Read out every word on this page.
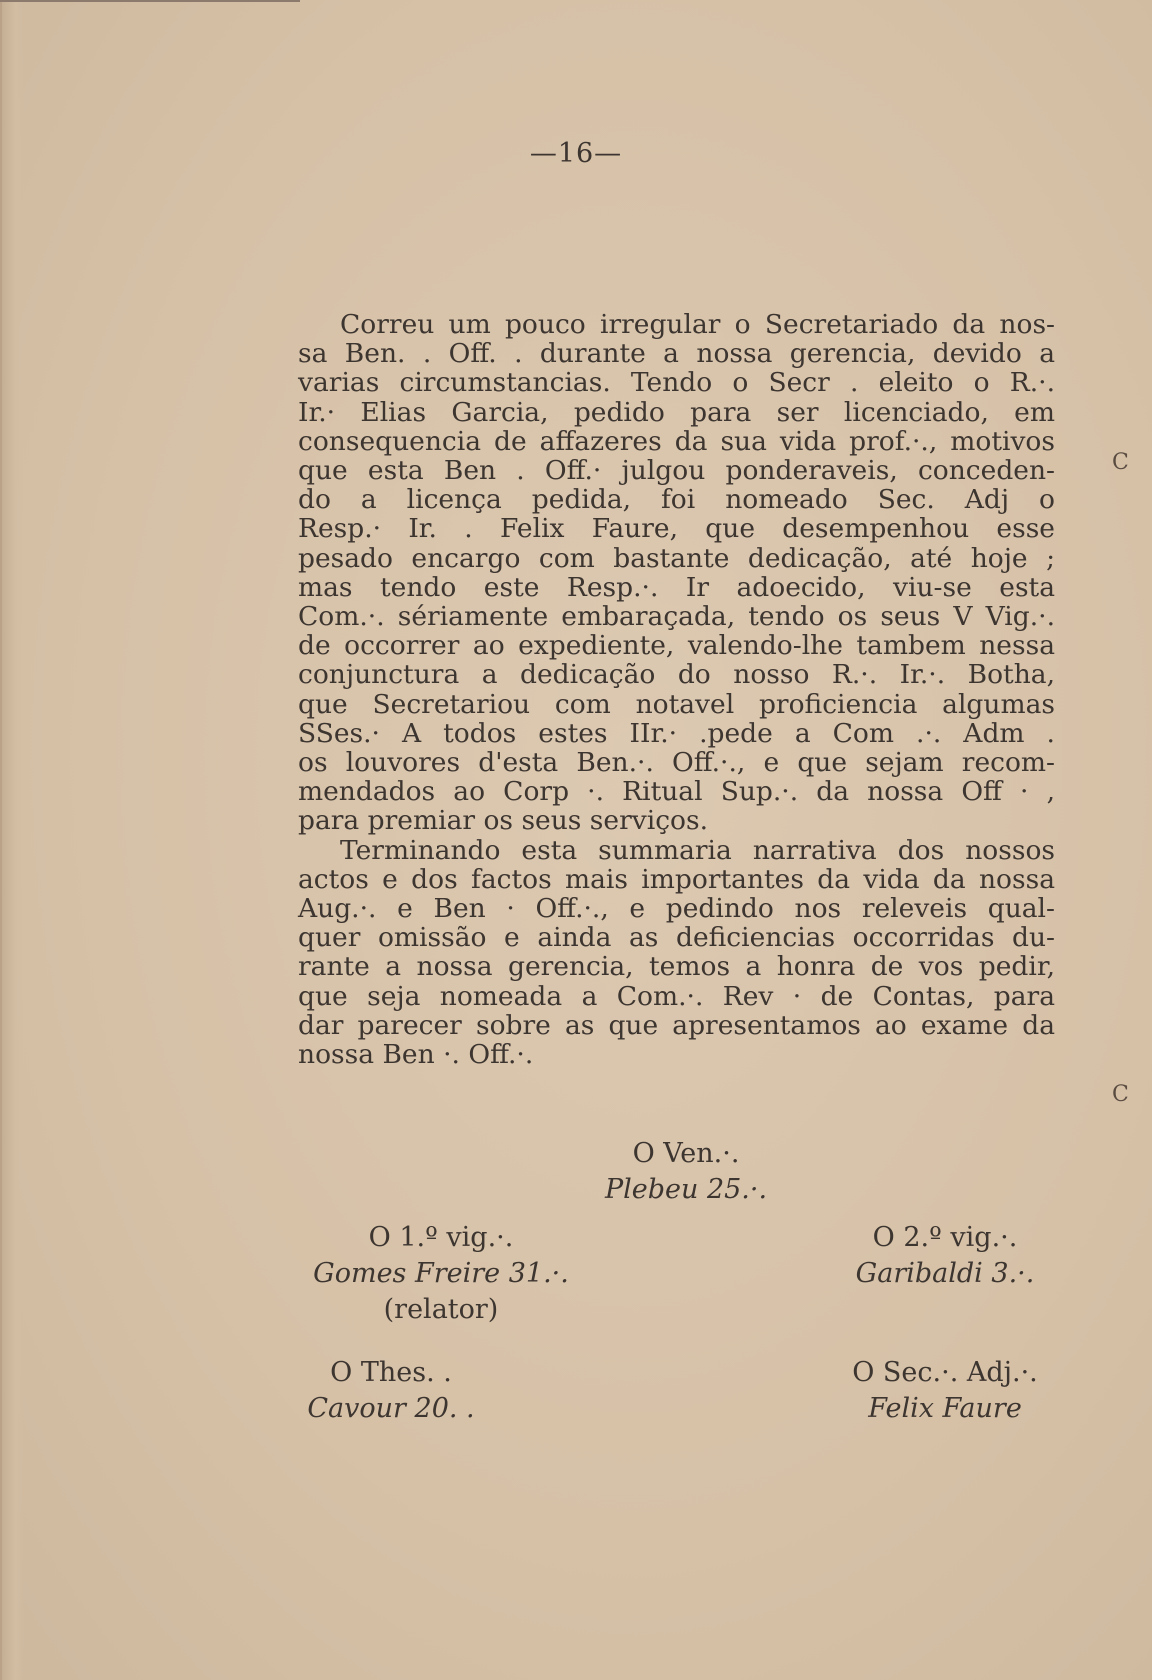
—16—
Correu um pouco irregular o Secretariado da nos-
sa Ben. . Off. . durante a nossa gerencia, devido a
varias circumstancias. Tendo o Secr . eleito o R.·.
Ir.· Elias Garcia, pedido para ser licenciado, em
consequencia de affazeres da sua vida prof.·., motivos
que esta Ben . Off.· julgou ponderaveis, conceden-
do a licença pedida, foi nomeado Sec. Adj o
Resp.· Ir. . Felix Faure, que desempenhou esse
pesado encargo com bastante dedicação, até hoje ;
mas tendo este Resp.·. Ir adoecido, viu-se esta
Com.·. sériamente embaraçada, tendo os seus V Vig.·.
de occorrer ao expediente, valendo-lhe tambem nessa
conjunctura a dedicação do nosso R.·. Ir.·. Botha,
que Secretariou com notavel proficiencia algumas
SSes.· A todos estes IIr.· .pede a Com .·. Adm .
os louvores d'esta Ben.·. Off.·., e que sejam recom-
mendados ao Corp ·. Ritual Sup.·. da nossa Off · ,
para premiar os seus serviços.
Terminando esta summaria narrativa dos nossos
actos e dos factos mais importantes da vida da nossa
Aug.·. e Ben · Off.·., e pedindo nos releveis qual-
quer omissão e ainda as deficiencias occorridas du-
rante a nossa gerencia, temos a honra de vos pedir,
que seja nomeada a Com.·. Rev · de Contas, para
dar parecer sobre as que apresentamos ao exame da
nossa Ben ·. Off.·.
O Ven.·.
Plebeu 25.·.
O 1.º vig.·.
Gomes Freire 31.·.
(relator)
O 2.º vig.·.
Garibaldi 3.·.
O Thes. .
Cavour 20. .
O Sec.·. Adj.·.
Felix Faure
C
C
